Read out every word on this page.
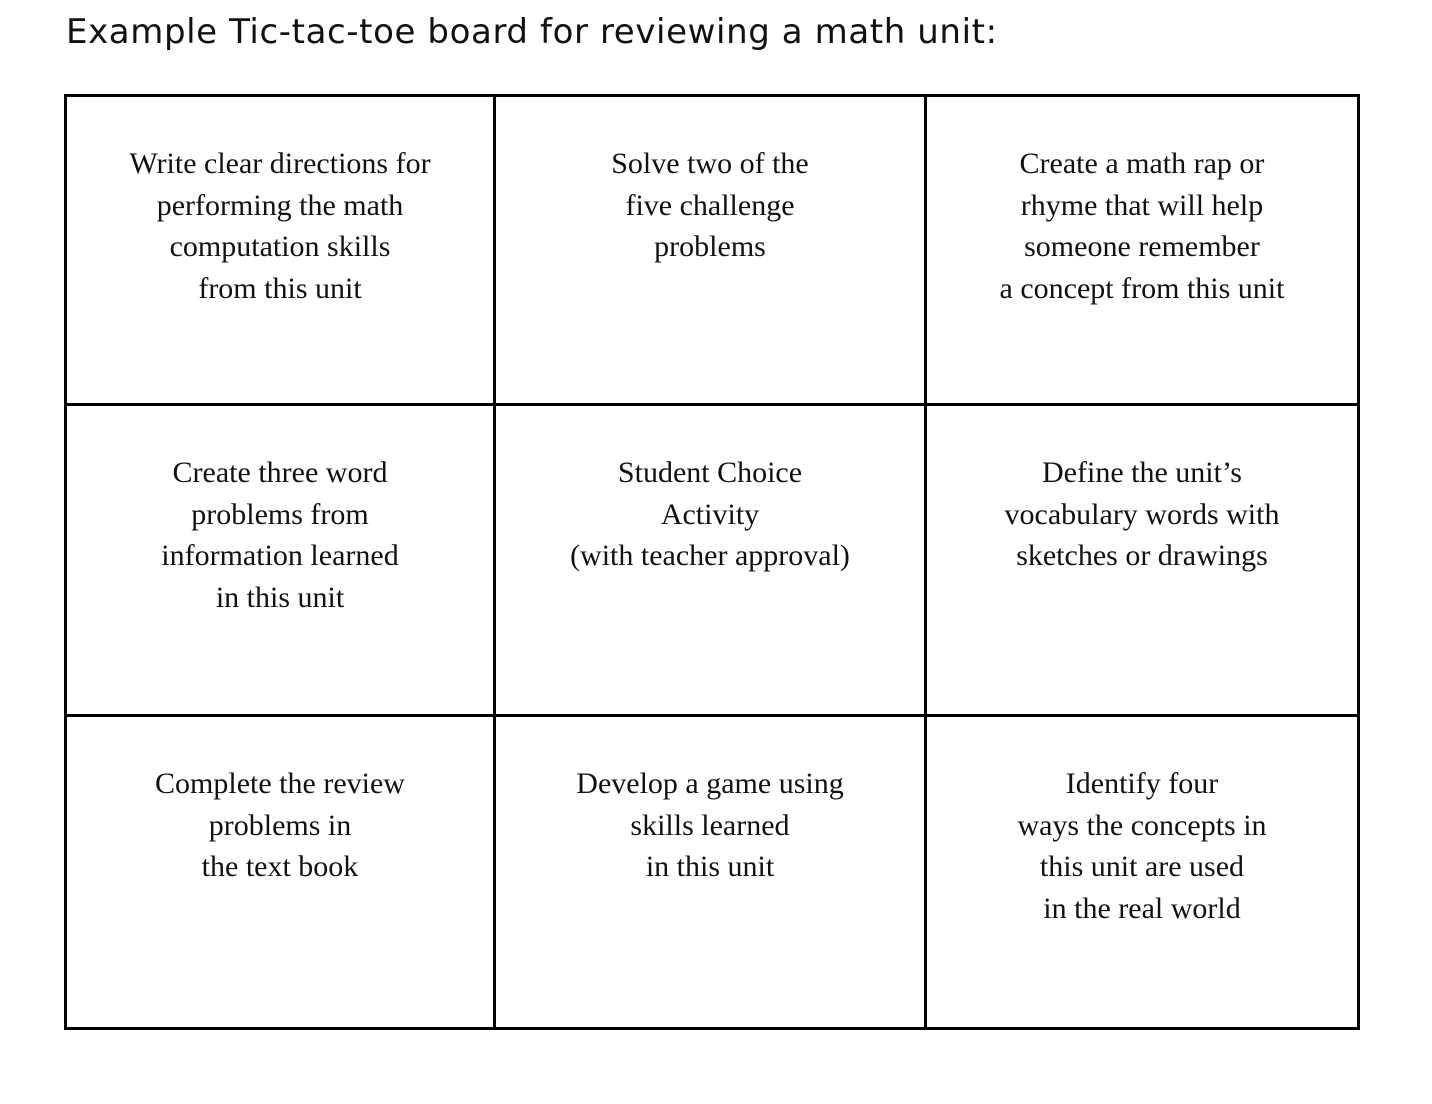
Example Tic-tac-toe board for reviewing a math unit:
Write clear directions for
performing the math
computation skills
from this unit
Solve two of the
five challenge
problems
Create a math rap or
rhyme that will help
someone remember
a concept from this unit
Create three word
problems from
information learned
in this unit
Student Choice
Activity
(with teacher approval)
Define the unit’s
vocabulary words with
sketches or drawings
Complete the review
problems in
the text book
Develop a game using
skills learned
in this unit
Identify four
ways the concepts in
this unit are used
in the real world
